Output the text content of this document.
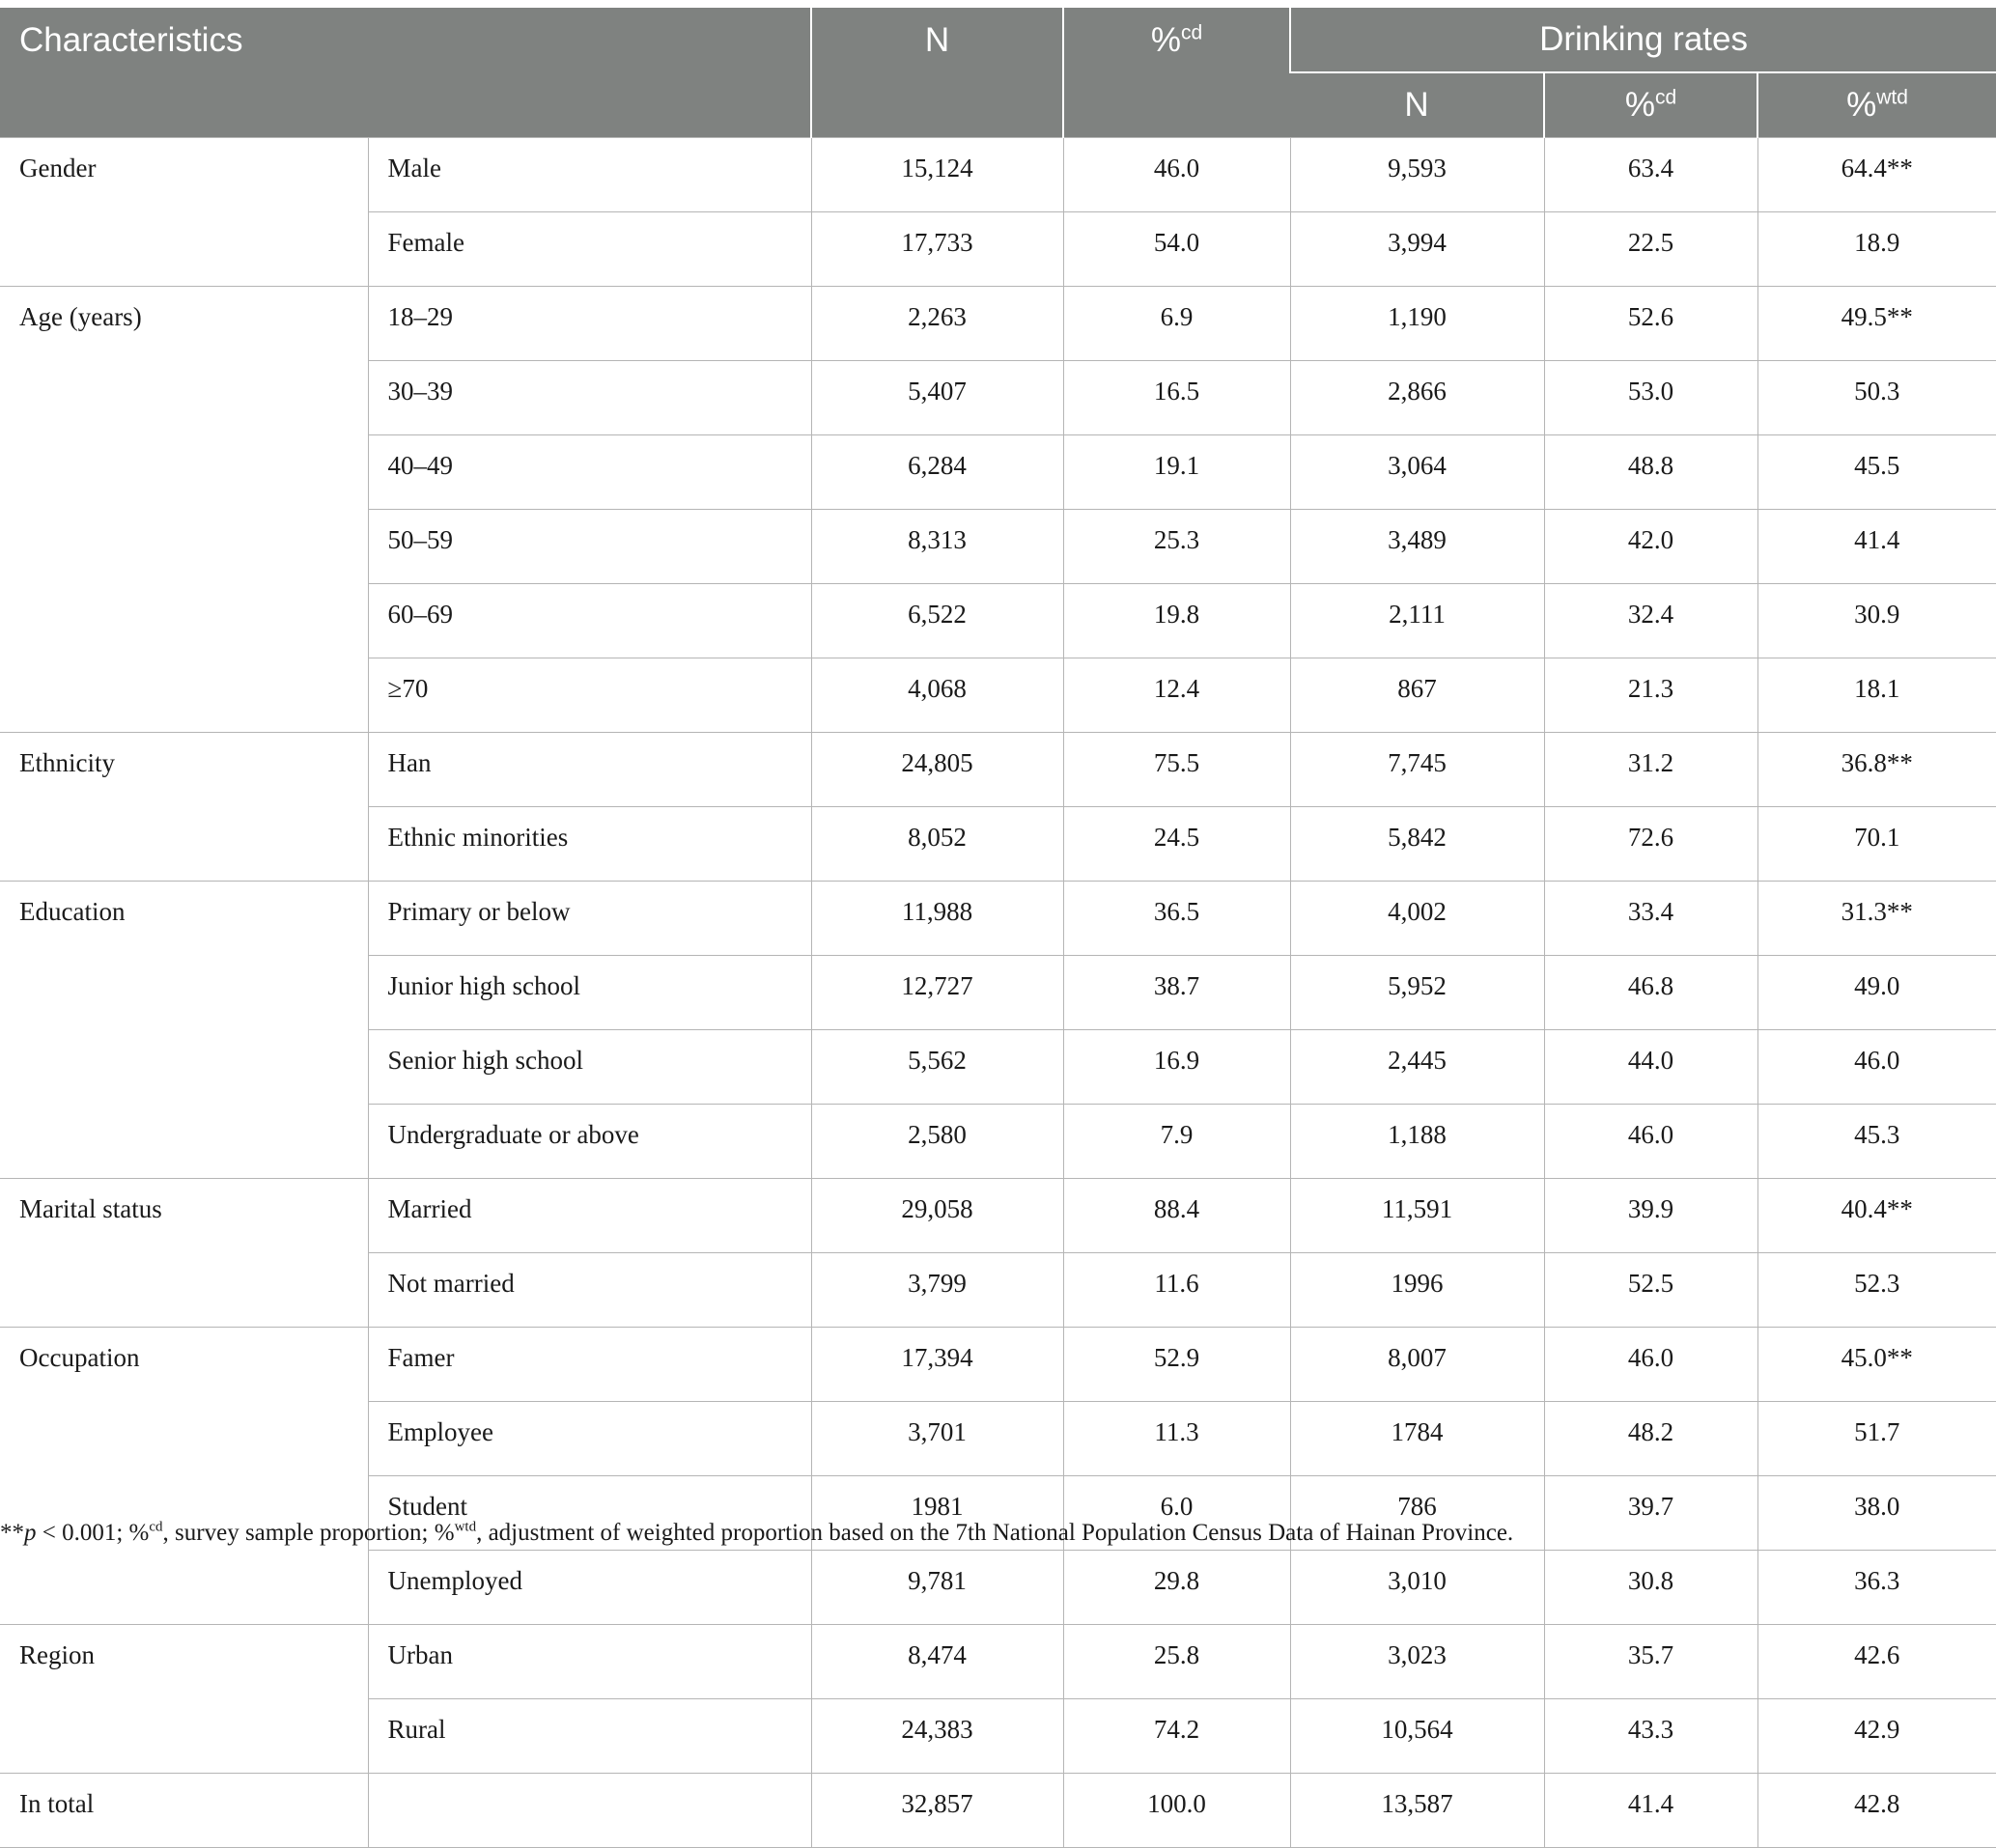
Characteristics		N	%$^{cd}$	Drinking rates		
				N	%$^{cd}$	%$^{wtd}$
Gender	Male	15,124	46.0	9,593	63.4	64.4**
	Female	17,733	54.0	3,994	22.5	18.9
Age (years)	18–29	2,263	6.9	1,190	52.6	49.5**
	30–39	5,407	16.5	2,866	53.0	50.3
	40–49	6,284	19.1	3,064	48.8	45.5
	50–59	8,313	25.3	3,489	42.0	41.4
	60–69	6,522	19.8	2,111	32.4	30.9
	≥70	4,068	12.4	867	21.3	18.1
Ethnicity	Han	24,805	75.5	7,745	31.2	36.8**
	Ethnic minorities	8,052	24.5	5,842	72.6	70.1
Education	Primary or below	11,988	36.5	4,002	33.4	31.3**
	Junior high school	12,727	38.7	5,952	46.8	49.0
	Senior high school	5,562	16.9	2,445	44.0	46.0
	Undergraduate or above	2,580	7.9	1,188	46.0	45.3
Marital status	Married	29,058	88.4	11,591	39.9	40.4**
	Not married	3,799	11.6	1996	52.5	52.3
Occupation	Famer	17,394	52.9	8,007	46.0	45.0**
	Employee	3,701	11.3	1784	48.2	51.7
	Student	1981	6.0	786	39.7	38.0
	Unemployed	9,781	29.8	3,010	30.8	36.3
Region	Urban	8,474	25.8	3,023	35.7	42.6
	Rural	24,383	74.2	10,564	43.3	42.9
In total		32,857	100.0	13,587	41.4	42.8
**p < 0.001; %$^{cd}$, survey sample proportion; %$^{wtd}$, adjustment of weighted proportion based on the 7th National Population Census Data of Hainan Province.
